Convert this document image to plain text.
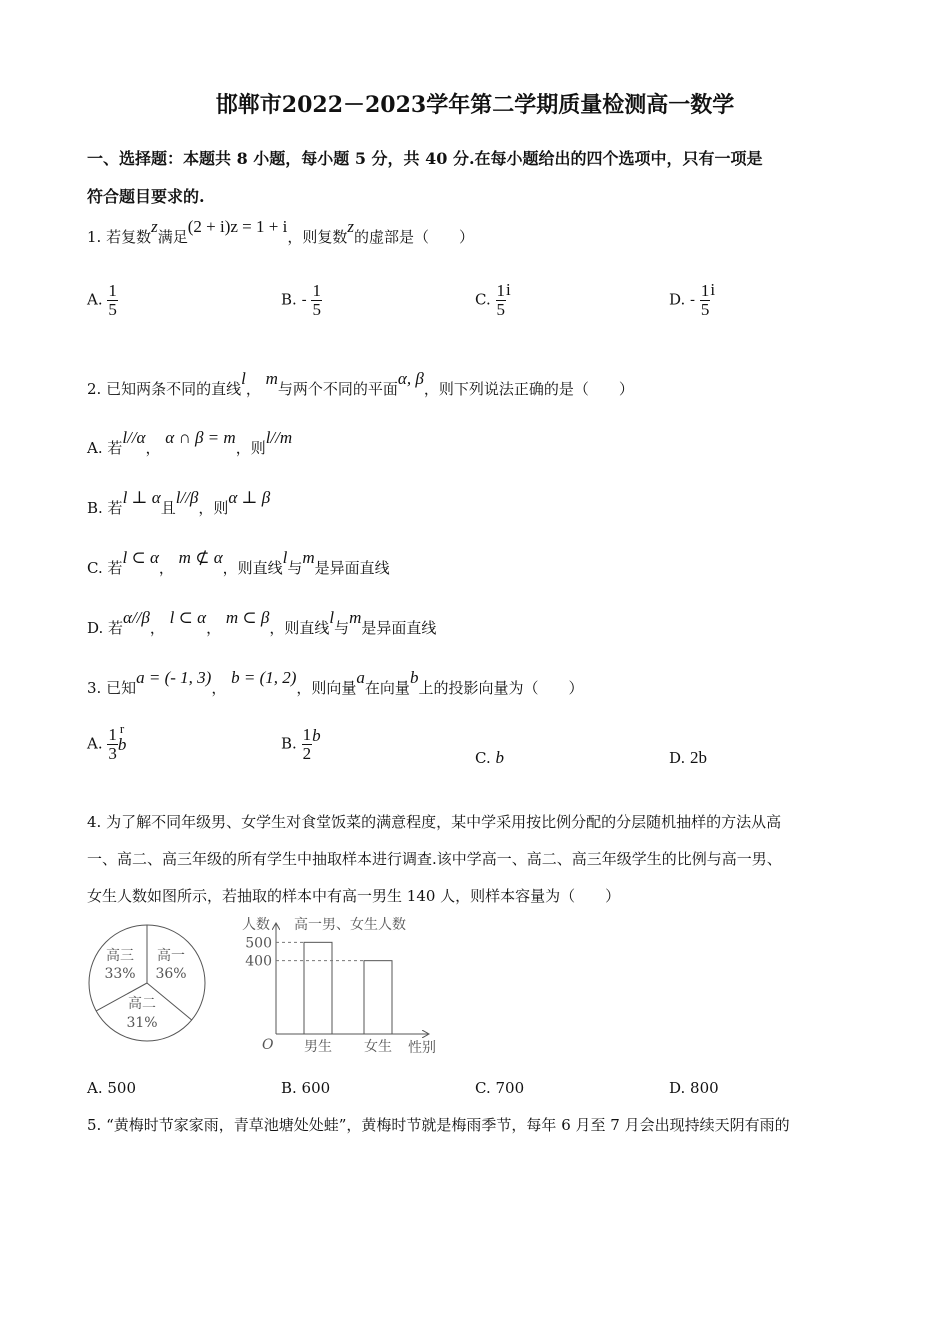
邯郸市2022－2023学年第二学期质量检测高一数学
一、选择题：本题共 8 小题，每小题 5 分，共 40 分.在每小题给出的四个选项中，只有一项是
符合题目要求的.
1. 若复数z满足(2 + i)z = 1 + i，则复数z的虚部是（　　）
A. $\frac{1}{5}$	B. - $\frac{1}{5}$	C. $\frac{1}{5}$ i
D. - $\frac{1}{5}$ i
2. 已知两条不同的直线l， m与两个不同的平面α, β，则下列说法正确的是（　　）
A. 若l//α， α ∩ β = m，则l//m
B. 若l ⊥ α且l//β，则α ⊥ β
C. 若l ⊂ α， m ⊄ α，则直线l与m是异面直线
D. 若α//β， l ⊂ α， m ⊂ β，则直线l与m是异面直线
3. 已知a = (- 1, 3)， b = (1, 2)，则向量a在向量b上的投影向量为（　　）
A. $\frac{1}{3}$ r
b	B. $\frac{1}{2}$ b
C. b	D. 2b
4. 为了解不同年级男、女学生对食堂饭菜的满意程度，某中学采用按比例分配的分层随机抽样的方法从高
一、高二、高三年级的所有学生中抽取样本进行调查.该中学高一、高二、高三年级学生的比例与高一男、
女生人数如图所示，若抽取的样本中有高一男生 140 人，则样本容量为（　　）
高三
33%
高一
36%
高二
31%
人数 高一男、女生人数
500
男生
400
女生
O	性别
A. 500	B. 600	C. 700	D. 800
5. “黄梅时节家家雨，青草池塘处处蛙”，黄梅时节就是梅雨季节，每年 6 月至 7 月会出现持续天阴有雨的
